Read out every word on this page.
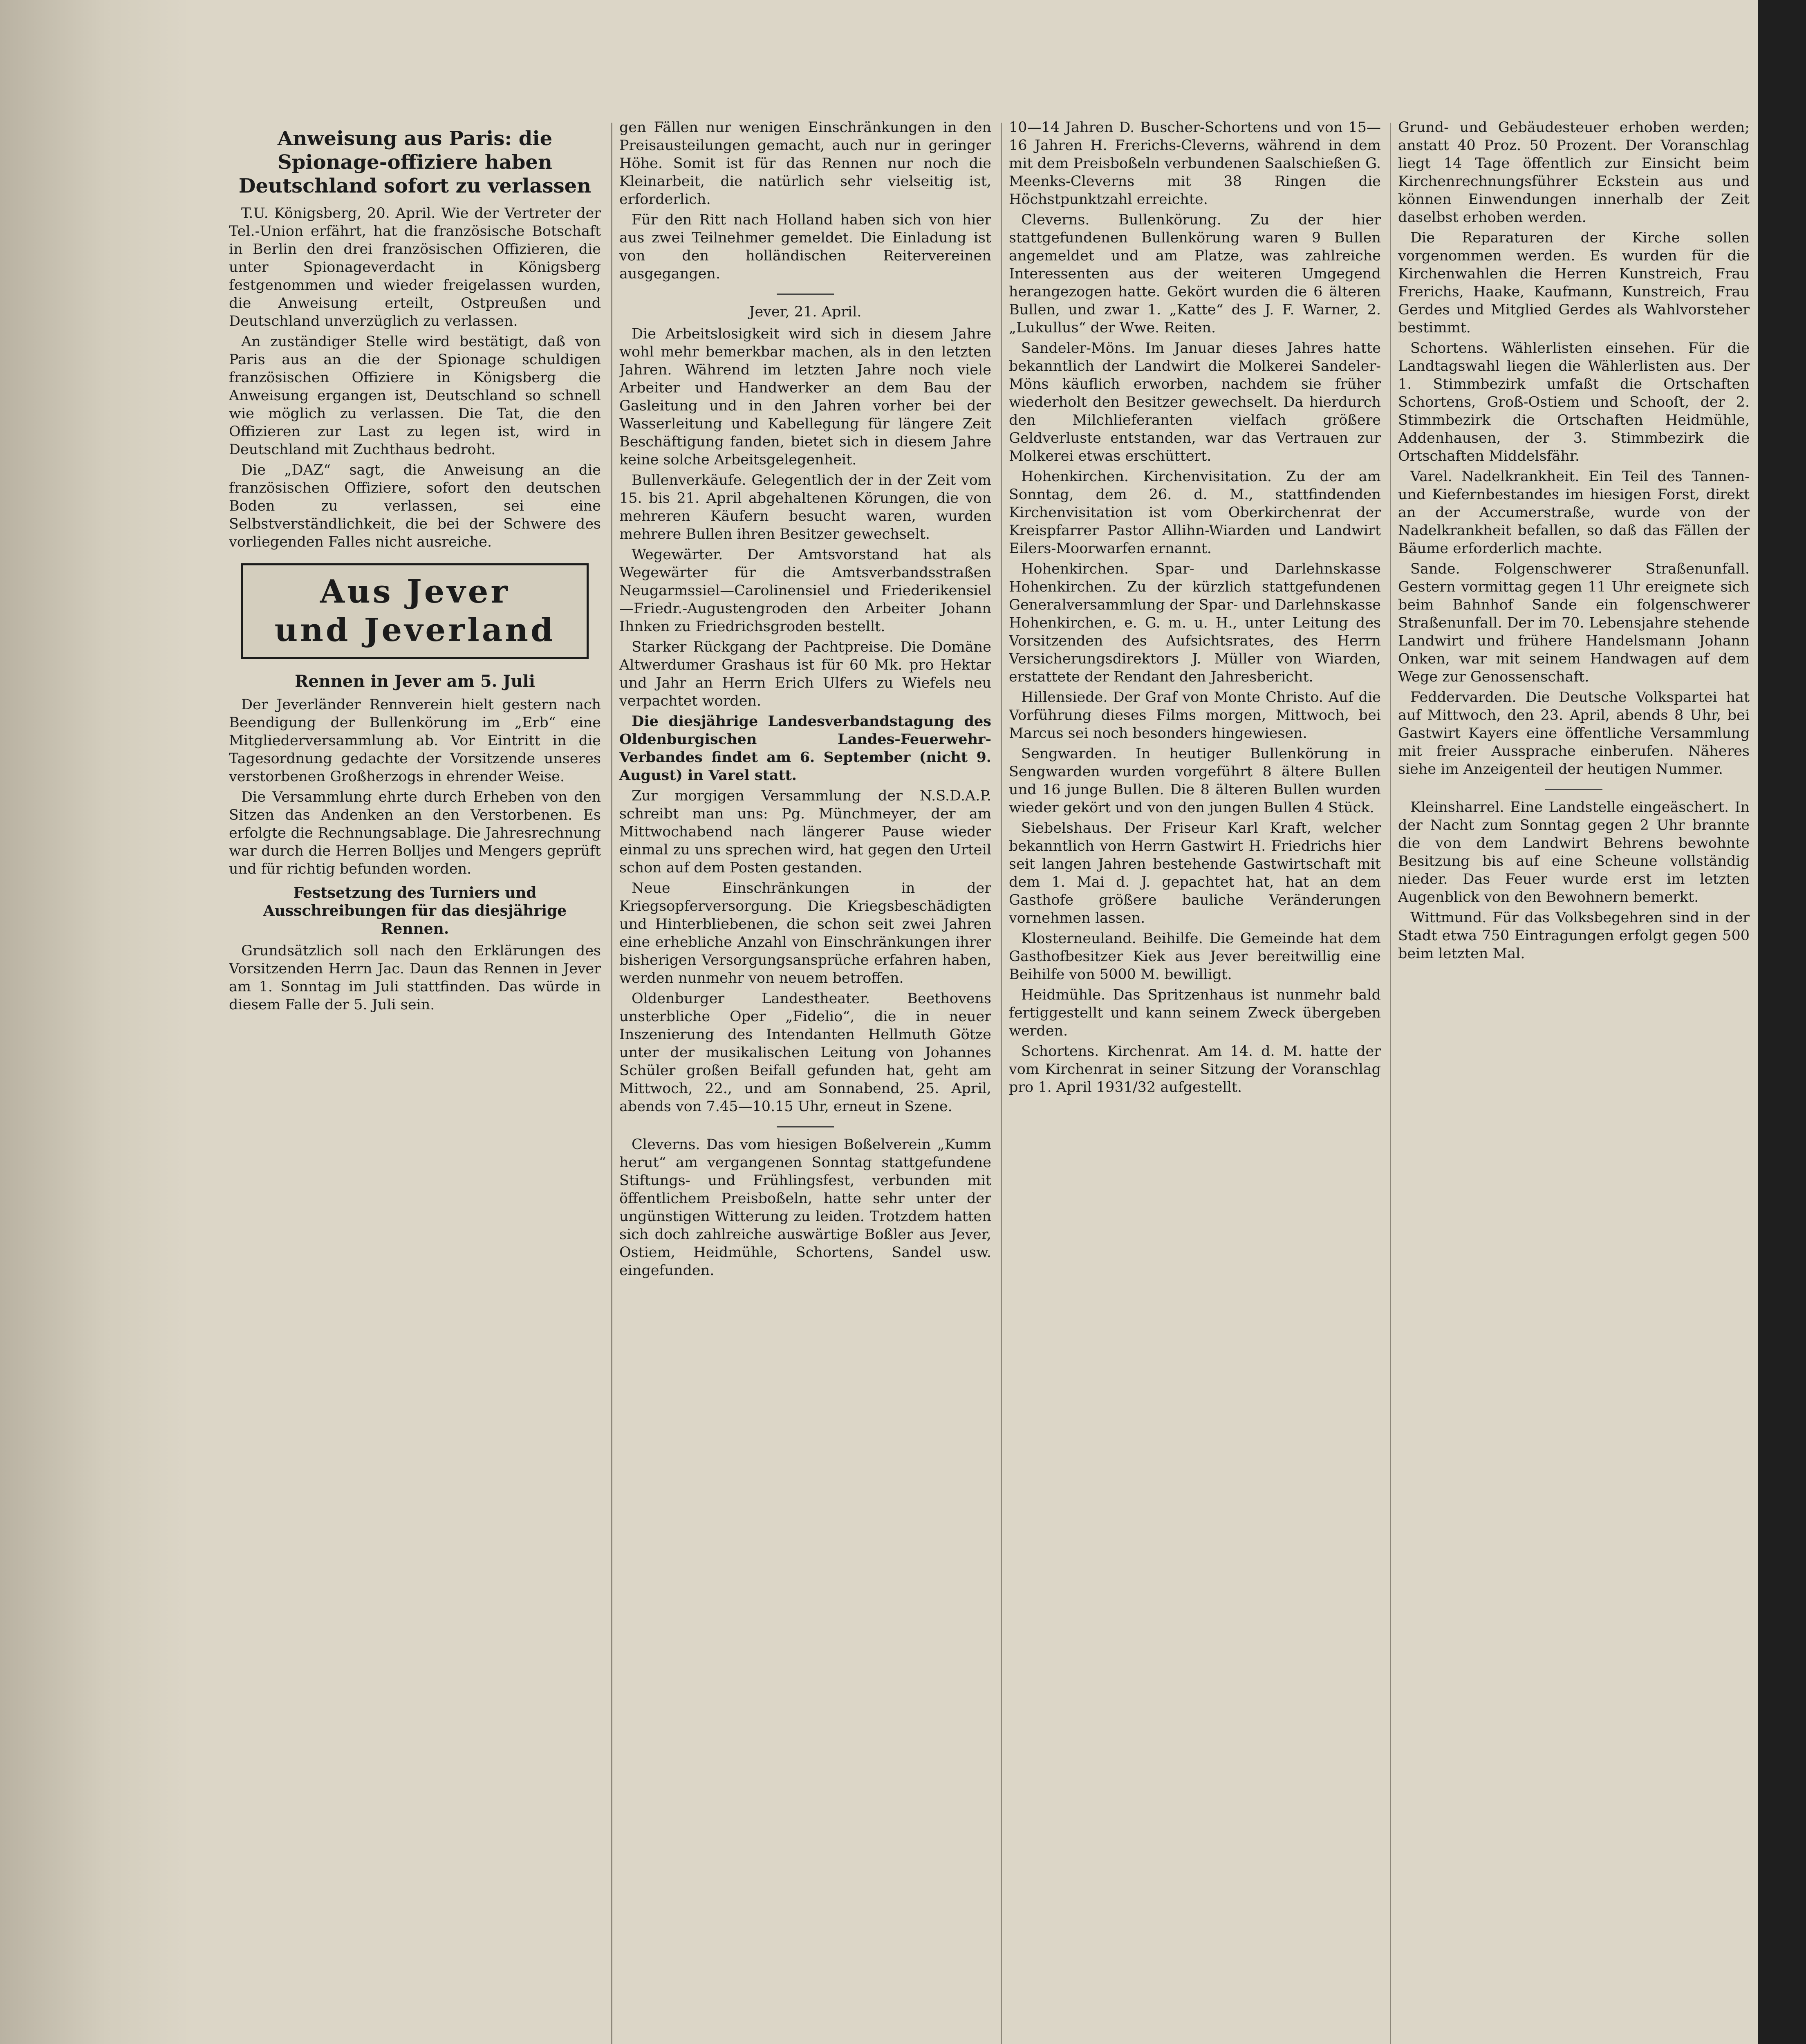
Anweisung aus Paris: die Spionage-offiziere haben Deutschland sofort zu verlassen

T.U. Königsberg, 20. April. Wie der Vertreter der Tel.-Union erfährt, hat die französische Botschaft in Berlin den drei französischen Offizieren, die unter Spionageverdacht in Königsberg festgenommen und wieder freigelassen wurden, die Anweisung erteilt, Ostpreußen und Deutschland unverzüglich zu verlassen.

An zuständiger Stelle wird bestätigt, daß von Paris aus an die der Spionage schuldigen französischen Offiziere in Königsberg die Anweisung ergangen ist, Deutschland so schnell wie möglich zu verlassen. Die Tat, die den Offizieren zur Last zu legen ist, wird in Deutschland mit Zuchthaus bedroht.

Die „DAZ“ sagt, die Anweisung an die französischen Offiziere, sofort den deutschen Boden zu verlassen, sei eine Selbstverständlichkeit, die bei der Schwere des vorliegenden Falles nicht ausreiche.

Aus Jever
und Jeverland
Rennen in Jever am 5. Juli

Der Jeverländer Rennverein hielt gestern nach Beendigung der Bullenkörung im „Erb“ eine Mitgliederversammlung ab. Vor Eintritt in die Tagesordnung gedachte der Vorsitzende unseres verstorbenen Großherzogs in ehrender Weise.

Die Versammlung ehrte durch Erheben von den Sitzen das Andenken an den Verstorbenen. Es erfolgte die Rechnungsablage. Die Jahresrechnung war durch die Herren Bolljes und Mengers geprüft und für richtig befunden worden.

Festsetzung des Turniers und Ausschreibungen für das diesjährige Rennen.

Grundsätzlich soll nach den Erklärungen des Vorsitzenden Herrn Jac. Daun das Rennen in Jever am 1. Sonntag im Juli stattfinden. Das würde in diesem Falle der 5. Juli sein.

gen Fällen nur wenigen Einschränkungen in den Preisausteilungen gemacht, auch nur in geringer Höhe. Somit ist für das Rennen nur noch die Kleinarbeit, die natürlich sehr vielseitig ist, erforderlich.

Für den Ritt nach Holland haben sich von hier aus zwei Teilnehmer gemeldet. Die Einladung ist von den holländischen Reitervereinen ausgegangen.

Jever, 21. April.

Die Arbeitslosigkeit wird sich in diesem Jahre wohl mehr bemerkbar machen, als in den letzten Jahren. Während im letzten Jahre noch viele Arbeiter und Handwerker an dem Bau der Gasleitung und in den Jahren vorher bei der Wasserleitung und Kabellegung für längere Zeit Beschäftigung fanden, bietet sich in diesem Jahre keine solche Arbeitsgelegenheit.

Bullenverkäufe. Gelegentlich der in der Zeit vom 15. bis 21. April abgehaltenen Körungen, die von mehreren Käufern besucht waren, wurden mehrere Bullen ihren Besitzer gewechselt.

Wegewärter. Der Amtsvorstand hat als Wegewärter für die Amtsverbandsstraßen Neugarmssiel—Carolinensiel und Friederikensiel—Friedr.-Augustengroden den Arbeiter Johann Ihnken zu Friedrichsgroden bestellt.

Starker Rückgang der Pachtpreise. Die Domäne Altwerdumer Grashaus ist für 60 Mk. pro Hektar und Jahr an Herrn Erich Ulfers zu Wiefels neu verpachtet worden.

Die diesjährige Landesverbandstagung des Oldenburgischen Landes-Feuerwehr-Verbandes findet am 6. September (nicht 9. August) in Varel statt.

Zur morgigen Versammlung der N.S.D.A.P. schreibt man uns: Pg. Münchmeyer, der am Mittwochabend nach längerer Pause wieder einmal zu uns sprechen wird, hat gegen den Urteil schon auf dem Posten gestanden.

Neue Einschränkungen in der Kriegsopferversorgung. Die Kriegsbeschädigten und Hinterbliebenen, die schon seit zwei Jahren eine erhebliche Anzahl von Einschränkungen ihrer bisherigen Versorgungsansprüche erfahren haben, werden nunmehr von neuem betroffen.

Oldenburger Landestheater. Beethovens unsterbliche Oper „Fidelio“, die in neuer Inszenierung des Intendanten Hellmuth Götze unter der musikalischen Leitung von Johannes Schüler großen Beifall gefunden hat, geht am Mittwoch, 22., und am Sonnabend, 25. April, abends von 7.45—10.15 Uhr, erneut in Szene.

Cleverns. Das vom hiesigen Boßelverein „Kumm herut“ am vergangenen Sonntag stattgefundene Stiftungs- und Frühlingsfest, verbunden mit öffentlichem Preisboßeln, hatte sehr unter der ungünstigen Witterung zu leiden. Trotzdem hatten sich doch zahlreiche auswärtige Boßler aus Jever, Ostiem, Heidmühle, Schortens, Sandel usw. eingefunden.

10—14 Jahren D. Buscher-Schortens und von 15—16 Jahren H. Frerichs-Cleverns, während in dem mit dem Preisboßeln verbundenen Saalschießen G. Meenks-Cleverns mit 38 Ringen die Höchstpunktzahl erreichte.

Cleverns. Bullenkörung. Zu der hier stattgefundenen Bullenkörung waren 9 Bullen angemeldet und am Platze, was zahlreiche Interessenten aus der weiteren Umgegend herangezogen hatte. Gekört wurden die 6 älteren Bullen, und zwar 1. „Katte“ des J. F. Warner, 2. „Lukullus“ der Wwe. Reiten.

Sandeler-Möns. Im Januar dieses Jahres hatte bekanntlich der Landwirt die Molkerei Sandeler-Möns käuflich erworben, nachdem sie früher wiederholt den Besitzer gewechselt. Da hierdurch den Milchlieferanten vielfach größere Geldverluste entstanden, war das Vertrauen zur Molkerei etwas erschüttert.

Hohenkirchen. Kirchenvisitation. Zu der am Sonntag, dem 26. d. M., stattfindenden Kirchenvisitation ist vom Oberkirchenrat der Kreispfarrer Pastor Allihn-Wiarden und Landwirt Eilers-Moorwarfen ernannt.

Hohenkirchen. Spar- und Darlehnskasse Hohenkirchen. Zu der kürzlich stattgefundenen Generalversammlung der Spar- und Darlehnskasse Hohenkirchen, e. G. m. u. H., unter Leitung des Vorsitzenden des Aufsichtsrates, des Herrn Versicherungsdirektors J. Müller von Wiarden, erstattete der Rendant den Jahresbericht.

Hillensiede. Der Graf von Monte Christo. Auf die Vorführung dieses Films morgen, Mittwoch, bei Marcus sei noch besonders hingewiesen.

Sengwarden. In heutiger Bullenkörung in Sengwarden wurden vorgeführt 8 ältere Bullen und 16 junge Bullen. Die 8 älteren Bullen wurden wieder gekört und von den jungen Bullen 4 Stück.

Siebelshaus. Der Friseur Karl Kraft, welcher bekanntlich von Herrn Gastwirt H. Friedrichs hier seit langen Jahren bestehende Gastwirtschaft mit dem 1. Mai d. J. gepachtet hat, hat an dem Gasthofe größere bauliche Veränderungen vornehmen lassen.

Klosterneuland. Beihilfe. Die Gemeinde hat dem Gasthofbesitzer Kiek aus Jever bereitwillig eine Beihilfe von 5000 M. bewilligt.

Heidmühle. Das Spritzenhaus ist nunmehr bald fertiggestellt und kann seinem Zweck übergeben werden.

Schortens. Kirchenrat. Am 14. d. M. hatte der vom Kirchenrat in seiner Sitzung der Voranschlag pro 1. April 1931/32 aufgestellt.

Grund- und Gebäudesteuer erhoben werden; anstatt 40 Proz. 50 Prozent. Der Voranschlag liegt 14 Tage öffentlich zur Einsicht beim Kirchenrechnungsführer Eckstein aus und können Einwendungen innerhalb der Zeit daselbst erhoben werden.

Die Reparaturen der Kirche sollen vorgenommen werden. Es wurden für die Kirchenwahlen die Herren Kunstreich, Frau Frerichs, Haake, Kaufmann, Kunstreich, Frau Gerdes und Mitglied Gerdes als Wahlvorsteher bestimmt.

Schortens. Wählerlisten einsehen. Für die Landtagswahl liegen die Wählerlisten aus. Der 1. Stimmbezirk umfaßt die Ortschaften Schortens, Groß-Ostiem und Schooſt, der 2. Stimmbezirk die Ortschaften Heidmühle, Addenhausen, der 3. Stimmbezirk die Ortschaften Middelsfähr.

Varel. Nadelkrankheit. Ein Teil des Tannen- und Kiefernbestandes im hiesigen Forst, direkt an der Accumerstraße, wurde von der Nadelkrankheit befallen, so daß das Fällen der Bäume erforderlich machte.

Sande. Folgenschwerer Straßenunfall. Gestern vormittag gegen 11 Uhr ereignete sich beim Bahnhof Sande ein folgenschwerer Straßenunfall. Der im 70. Lebensjahre stehende Landwirt und frühere Handelsmann Johann Onken, war mit seinem Handwagen auf dem Wege zur Genossenschaft.

Feddervarden. Die Deutsche Volkspartei hat auf Mittwoch, den 23. April, abends 8 Uhr, bei Gastwirt Kayers eine öffentliche Versammlung mit freier Aussprache einberufen. Näheres siehe im Anzeigenteil der heutigen Nummer.

Kleinsharrel. Eine Landstelle eingeäschert. In der Nacht zum Sonntag gegen 2 Uhr brannte die von dem Landwirt Behrens bewohnte Besitzung bis auf eine Scheune vollständig nieder. Das Feuer wurde erst im letzten Augenblick von den Bewohnern bemerkt.

Wittmund. Für das Volksbegehren sind in der Stadt etwa 750 Eintragungen erfolgt gegen 500 beim letzten Mal.
